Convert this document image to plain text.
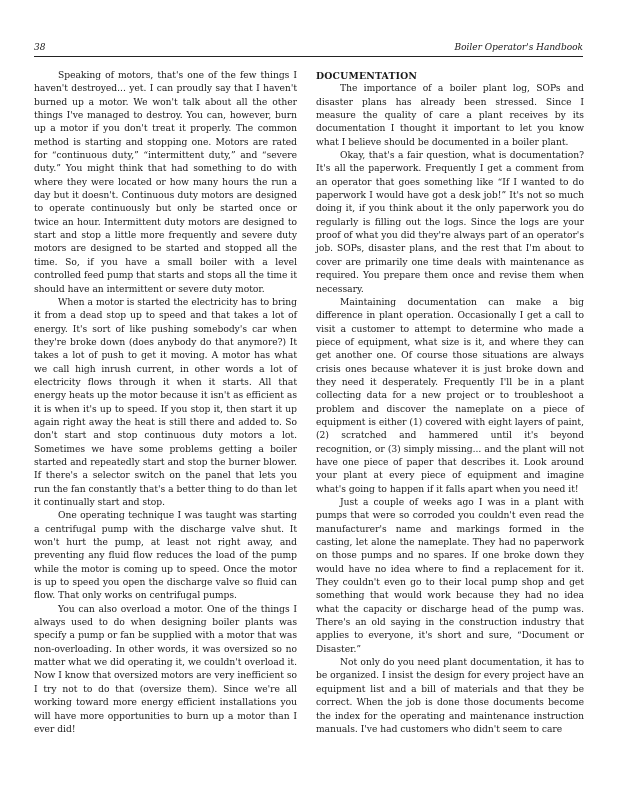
38	Boiler Operator's Handbook

Speaking of motors, that's one of the few things I haven't destroyed... yet. I can proudly say that I haven't burned up a motor. We won't talk about all the other things I've managed to destroy. You can, however, burn up a motor if you don't treat it properly. The common method is starting and stopping one. Motors are rated for “continuous duty,” “intermittent duty,” and “severe duty.” You might think that had something to do with where they were located or how many hours the run a day but it doesn't. Continuous duty motors are designed to operate continuously but only be started once or twice an hour. Intermittent duty motors are designed to start and stop a little more frequently and severe duty motors are designed to be started and stopped all the time. So, if you have a small boiler with a level controlled feed pump that starts and stops all the time it should have an intermittent or severe duty motor.

When a motor is started the electricity has to bring it from a dead stop up to speed and that takes a lot of energy. It's sort of like pushing somebody's car when they're broke down (does anybody do that anymore?) It takes a lot of push to get it moving. A motor has what we call high inrush current, in other words a lot of electricity flows through it when it starts. All that energy heats up the motor because it isn't as efficient as it is when it's up to speed. If you stop it, then start it up again right away the heat is still there and added to. So don't start and stop continuous duty motors a lot. Sometimes we have some problems getting a boiler started and repeatedly start and stop the burner blower. If there's a selector switch on the panel that lets you run the fan constantly that's a better thing to do than let it continually start and stop.

One operating technique I was taught was starting a centrifugal pump with the discharge valve shut. It won't hurt the pump, at least not right away, and preventing any fluid flow reduces the load of the pump while the motor is coming up to speed. Once the motor is up to speed you open the discharge valve so fluid can flow. That only works on centrifugal pumps.

You can also overload a motor. One of the things I always used to do when designing boiler plants was specify a pump or fan be supplied with a motor that was non-overloading. In other words, it was oversized so no matter what we did operating it, we couldn't overload it. Now I know that oversized motors are very inefficient so I try not to do that (oversize them). Since we're all working toward more energy efficient installations you will have more opportunities to burn up a motor than I ever did!

DOCUMENTATION

The importance of a boiler plant log, SOPs and disaster plans has already been stressed. Since I measure the quality of care a plant receives by its documentation I thought it important to let you know what I believe should be documented in a boiler plant.

Okay, that's a fair question, what is documentation? It's all the paperwork. Frequently I get a comment from an operator that goes something like “If I wanted to do paperwork I would have got a desk job!” It's not so much doing it, if you think about it the only paperwork you do regularly is filling out the logs. Since the logs are your proof of what you did they're always part of an operator's job. SOPs, disaster plans, and the rest that I'm about to cover are primarily one time deals with maintenance as required. You prepare them once and revise them when necessary.

Maintaining documentation can make a big difference in plant operation. Occasionally I get a call to visit a customer to attempt to determine who made a piece of equipment, what size is it, and where they can get another one. Of course those situations are always crisis ones because whatever it is just broke down and they need it desperately. Frequently I'll be in a plant collecting data for a new project or to troubleshoot a problem and discover the nameplate on a piece of equipment is either (1) covered with eight layers of paint, (2) scratched and hammered until it's beyond recognition, or (3) simply missing... and the plant will not have one piece of paper that describes it. Look around your plant at every piece of equipment and imagine what's going to happen if it falls apart when you need it!

Just a couple of weeks ago I was in a plant with pumps that were so corroded you couldn't even read the manufacturer's name and markings formed in the casting, let alone the nameplate. They had no paperwork on those pumps and no spares. If one broke down they would have no idea where to find a replacement for it. They couldn't even go to their local pump shop and get something that would work because they had no idea what the capacity or discharge head of the pump was. There's an old saying in the construction industry that applies to everyone, it's short and sure, “Document or Disaster.”

Not only do you need plant documentation, it has to be organized. I insist the design for every project have an equipment list and a bill of materials and that they be correct. When the job is done those documents become the index for the operating and maintenance instruction manuals. I've had customers who didn't seem to care
